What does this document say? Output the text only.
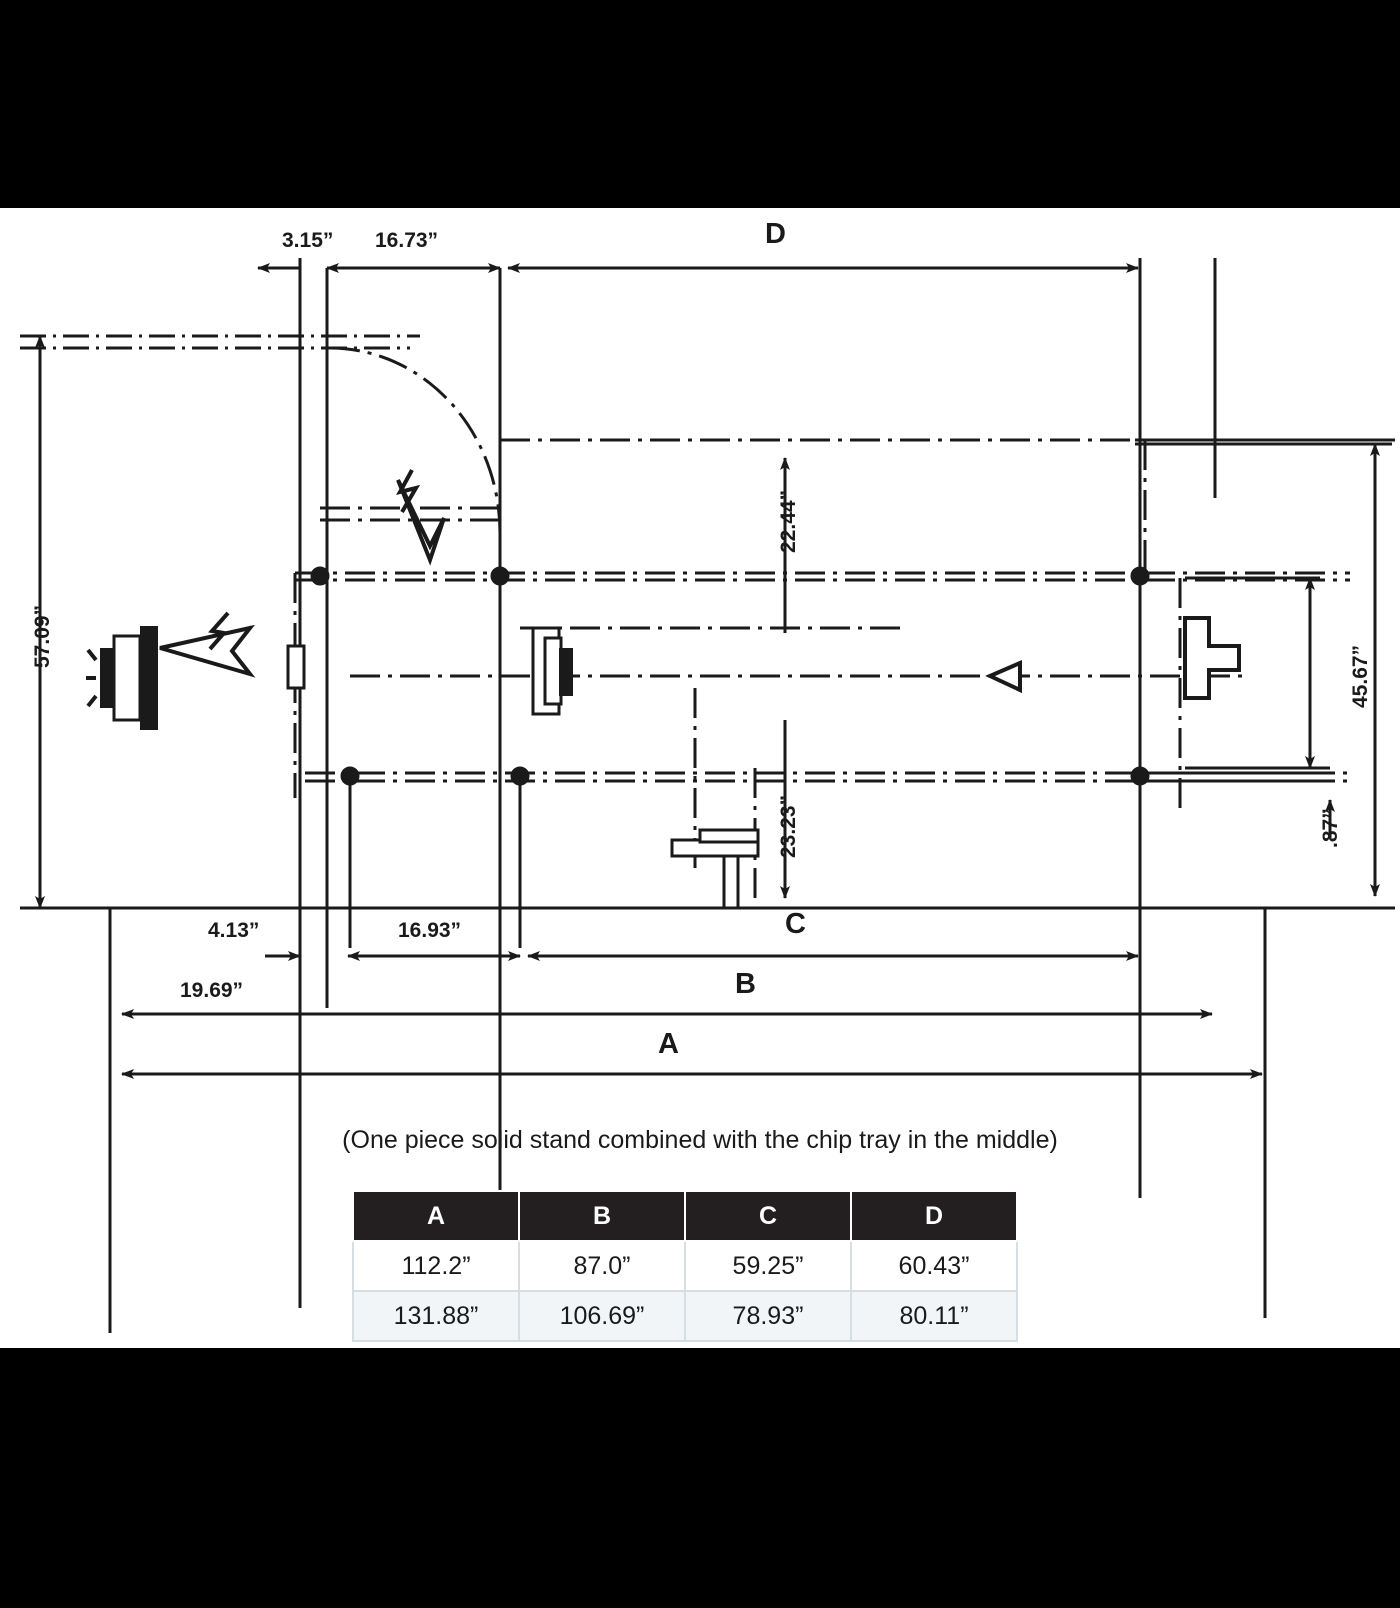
3.15” 16.73”	D
57.09”
22.44”
23.23”
45.67”
.87”
4.13”	16.93”	C
19.69”	B
A
(One piece solid stand combined with the chip tray in the middle)
A	B	C	D
112.2”	87.0”	59.25”	60.43”
131.88”	106.69”	78.93”	80.11”
